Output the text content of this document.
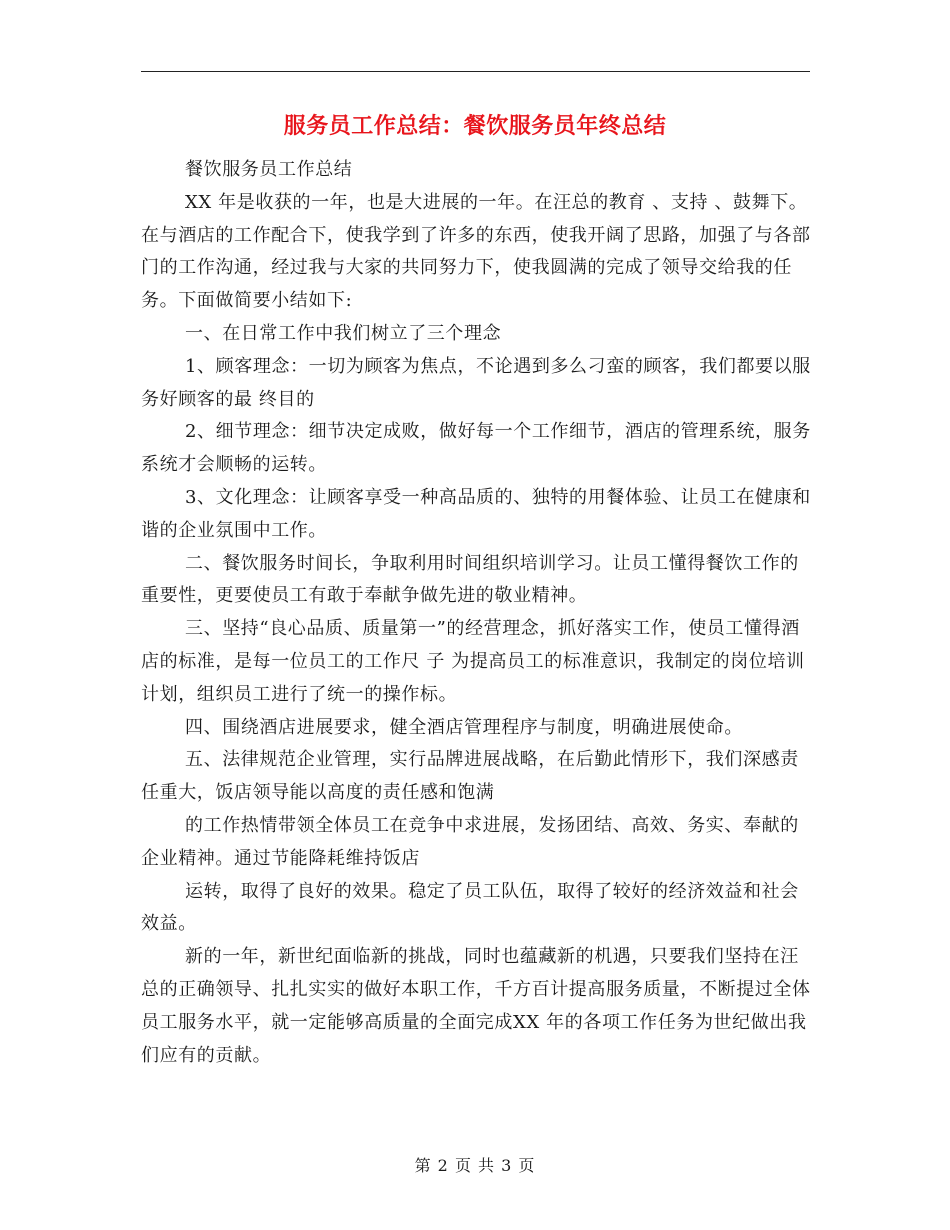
服务员工作总结：餐饮服务员年终总结

餐饮服务员工作总结

XX 年是收获的一年，也是大进展的一年。在汪总的教育 、支持 、鼓舞下。在与酒店的工作配合下，使我学到了许多的东西，使我开阔了思路，加强了与各部门的工作沟通，经过我与大家的共同努力下，使我圆满的完成了领导交给我的任务。下面做简要小结如下:

一、在日常工作中我们树立了三个理念

1、顾客理念：一切为顾客为焦点，不论遇到多么刁蛮的顾客，我们都要以服务好顾客的最 终目的

2、细节理念：细节决定成败，做好每一个工作细节，酒店的管理系统，服务系统才会顺畅的运转。

3、文化理念：让顾客享受一种高品质的、独特的用餐体验、让员工在健康和谐的企业氛围中工作。

二、餐饮服务时间长，争取利用时间组织培训学习。让员工懂得餐饮工作的重要性，更要使员工有敢于奉献争做先进的敬业精神。

三、坚持“良心品质、质量第一”的经营理念，抓好落实工作，使员工懂得酒店的标准，是每一位员工的工作尺 子 为提高员工的标准意识，我制定的岗位培训计划，组织员工进行了统一的操作标。

四、围绕酒店进展要求，健全酒店管理程序与制度，明确进展使命。

五、法律规范企业管理，实行品牌进展战略，在后勤此情形下，我们深感责任重大，饭店领导能以高度的责任感和饱满

的工作热情带领全体员工在竞争中求进展，发扬团结、高效、务实、奉献的企业精神。通过节能降耗维持饭店

运转，取得了良好的效果。稳定了员工队伍，取得了较好的经济效益和社会效益。

新的一年，新世纪面临新的挑战，同时也蕴藏新的机遇，只要我们坚持在汪总的正确领导、扎扎实实的做好本职工作，千方百计提高服务质量，不断提过全体员工服务水平，就一定能够高质量的全面完成XX 年的各项工作任务为世纪做出我们应有的贡献。

第 2 页 共 3 页
